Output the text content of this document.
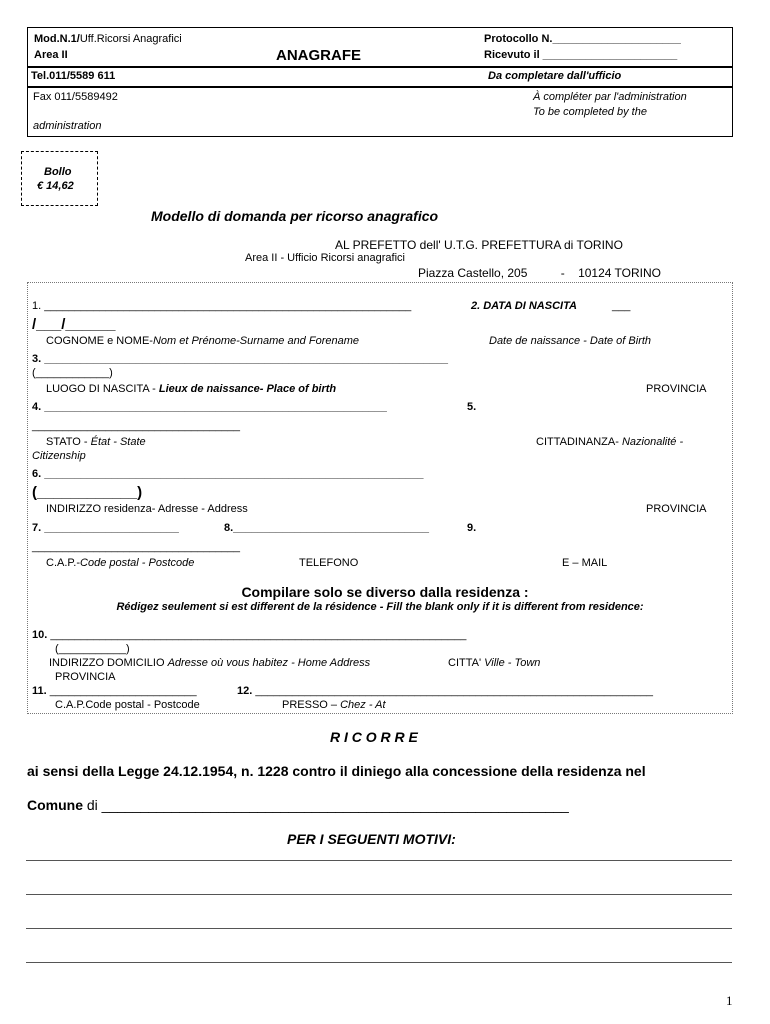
Mod.N.1/Uff.Ricorsi Anagrafici
Area II	ANAGRAFE
Protocollo N._____________________
Ricevuto il ______________________
Tel.011/5589 611	Da completare dall'ufficio
Fax 011/5589492	À compléter par l'administration
To be completed by the
administration
Bollo
€ 14,62
Modello di domanda per ricorso anagrafico
AL PREFETTO dell' U.T.G. PREFETTURA di TORINO
Area II - Ufficio Ricorsi anagrafici
Piazza Castello, 205          -    10124 TORINO
1. ____________________________________________________________	2. DATA DI NASCITA	___
/___/______
COGNOME e NOME-Nom et Prénome-Surname and Forename	Date de naissance - Date of Birth
3. __________________________________________________________________
(____________)
LUOGO DI NASCITA - Lieux de naissance- Place of birth	PROVINCIA
4. ________________________________________________________	5.
__________________________________
STATO - État - State	CITTADINANZA- Nazionalité -
Citizenship
6. ______________________________________________________________
(____________)
INDIRIZZO residenza- Adresse - Address	PROVINCIA
7. ______________________	8.________________________________	9.
__________________________________
C.A.P.-Code postal - Postcode	TELEFONO	E – MAIL
Compilare solo se diverso dalla residenza :
Rédigez seulement si est different de la résidence - Fill the blank only if it is different from residence:
10. ____________________________________________________________________
(___________)
INDIRIZZO DOMICILIO Adresse où vous habitez - Home Address	CITTA' Ville - Town
PROVINCIA
11. ________________________	12. _________________________________________________________________
C.A.P.Code postal - Postcode	PRESSO – Chez - At
R I C O R R E
ai sensi della Legge 24.12.1954, n. 1228 contro il diniego alla concessione della residenza nel
Comune di ____________________________________________________________
PER I SEGUENTI MOTIVI:
1
